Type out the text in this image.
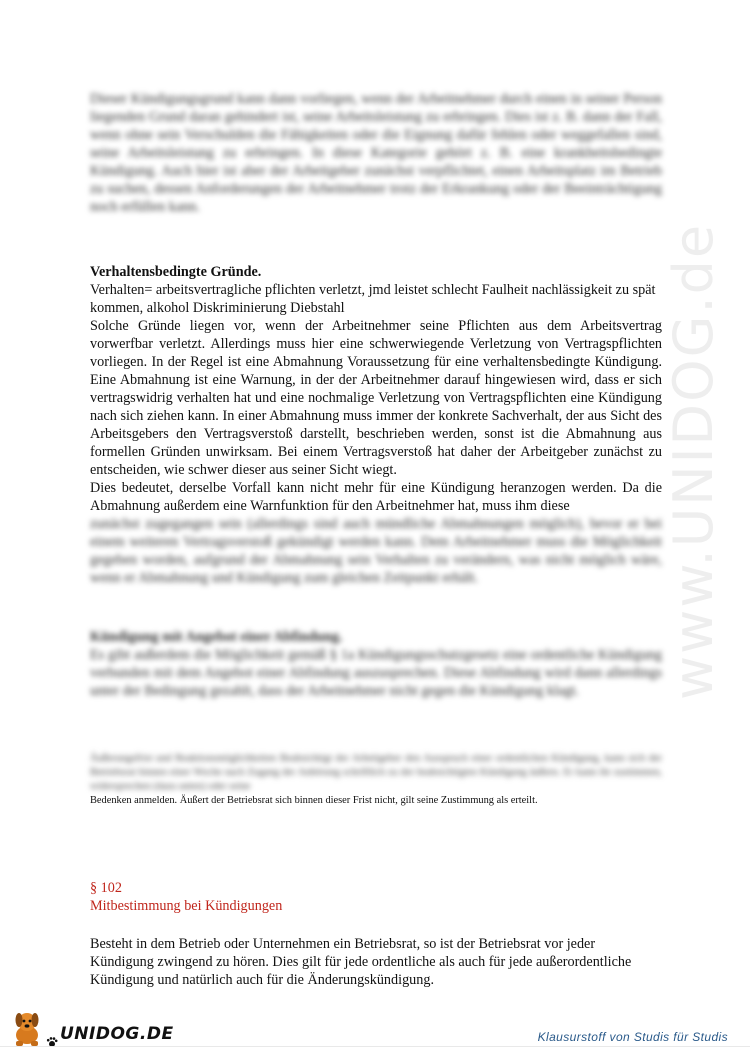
www.UNIDOG.de

Dieser Kündigungsgrund kann dann vorliegen, wenn der Arbeitnehmer durch einen in seiner Person liegenden Grund daran gehindert ist, seine Arbeitsleistung zu erbringen. Dies ist z. B. dann der Fall, wenn ohne sein Verschulden die Fähigkeiten oder die Eignung dafür fehlen oder weggefallen sind, seine Arbeitsleistung zu erbringen. In diese Kategorie gehört z. B. eine krankheitsbedingte Kündigung. Auch hier ist aber der Arbeitgeber zunächst verpflichtet, einen Arbeitsplatz im Betrieb zu suchen, dessen Anforderungen der Arbeitnehmer trotz der Erkrankung oder der Beeinträchtigung noch erfüllen kann.

Verhaltensbedingte Gründe.

Verhalten= arbeitsvertragliche pflichten verletzt, jmd leistet schlecht Faulheit nachlässigkeit zu spät kommen, alkohol Diskriminierung Diebstahl

Solche Gründe liegen vor, wenn der Arbeitnehmer seine Pflichten aus dem Arbeitsvertrag vorwerfbar verletzt. Allerdings muss hier eine schwerwiegende Verletzung von Vertragspflichten vorliegen. In der Regel ist eine Abmahnung Voraussetzung für eine verhaltensbedingte Kündigung. Eine Abmahnung ist eine Warnung, in der der Arbeitnehmer darauf hingewiesen wird, dass er sich vertragswidrig verhalten hat und eine nochmalige Verletzung von Vertragspflichten eine Kündigung nach sich ziehen kann. In einer Abmahnung muss immer der konkrete Sachverhalt, der aus Sicht des Arbeitsgebers den Vertragsverstoß darstellt, beschrieben werden, sonst ist die Abmahnung aus formellen Gründen unwirksam. Bei einem Vertragsverstoß hat daher der Arbeitgeber zunächst zu entscheiden, wie schwer dieser aus seiner Sicht wiegt.

Dies bedeutet, derselbe Vorfall kann nicht mehr für eine Kündigung heranzogen werden. Da die Abmahnung außerdem eine Warnfunktion für den Arbeitnehmer hat, muss ihm diese

zunächst zugegangen sein (allerdings sind auch mündliche Abmahnungen möglich), bevor er bei einem weiteren Vertragsverstoß gekündigt werden kann. Dem Arbeitnehmer muss die Möglichkeit gegeben worden, aufgrund der Abmahnung sein Verhalten zu verändern, was nicht möglich wäre, wenn er Abmahnung und Kündigung zum gleichen Zeitpunkt erhält.

Kündigung mit Angebot einer Abfindung.

Es gibt außerdem die Möglichkeit gemäß § 1a Kündigungsschutzgesetz eine ordentliche Kündigung verbunden mit dem Angebot einer Abfindung auszusprechen. Diese Abfindung wird dann allerdings unter der Bedingung gezahlt, dass der Arbeitnehmer nicht gegen die Kündigung klagt.

Äußerungsfrist und Reaktionsmöglichkeiten Beabsichtigt der Arbeitgeber den Ausspruch einer ordentlichen Kündigung, kann sich der Betriebsrat binnen einer Woche nach Zugang der Anhörung schriftlich zu der beabsichtigten Kündigung äußern. Er kann ihr zustimmen, widersprechen (dazu unten) oder seine

Bedenken anmelden. Äußert der Betriebsrat sich binnen dieser Frist nicht, gilt seine Zustimmung als erteilt.

§ 102

Mitbestimmung bei Kündigungen

Besteht in dem Betrieb oder Unternehmen ein Betriebsrat, so ist der Betriebsrat vor jeder Kündigung zwingend zu hören. Dies gilt für jede ordentliche als auch für jede außerordentliche Kündigung und natürlich auch für die Änderungskündigung.

UNIDOG.DE	Klausurstoff von Studis für Studis
